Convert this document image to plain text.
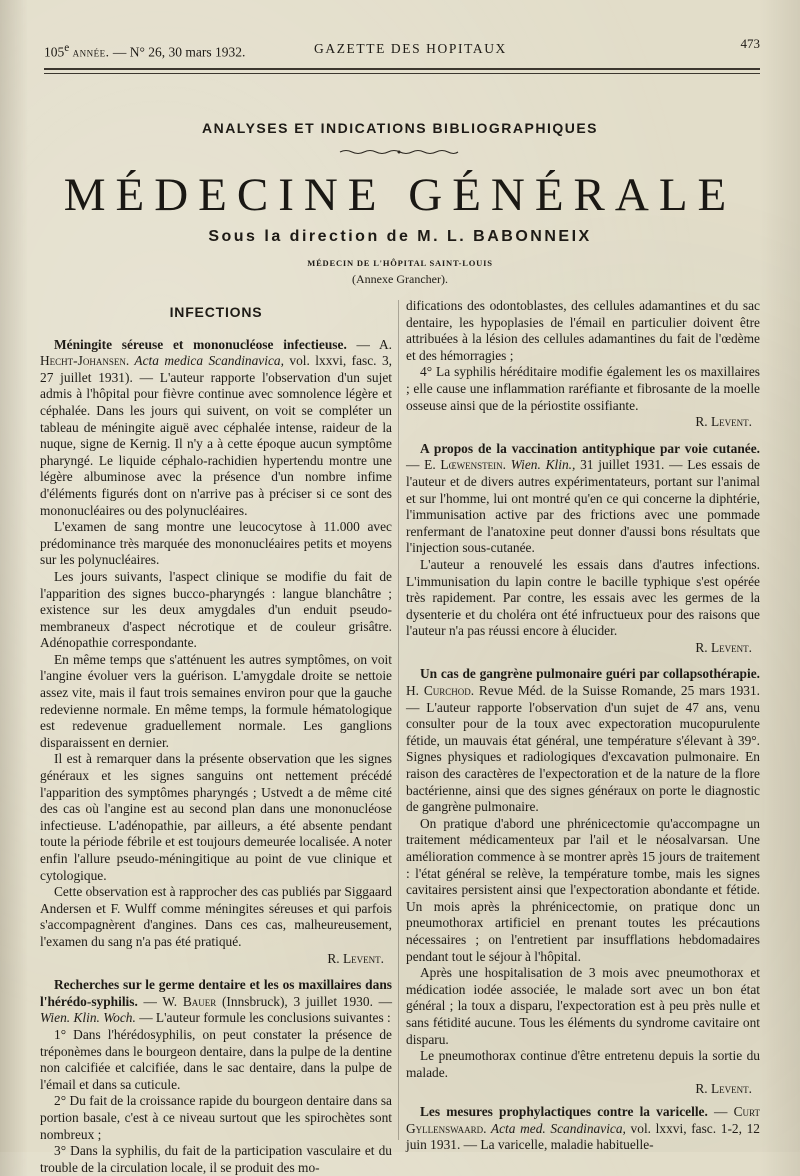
105e année. — N° 26, 30 mars 1932.	GAZETTE DES HOPITAUX	473
ANALYSES ET INDICATIONS BIBLIOGRAPHIQUES
MÉDECINE GÉNÉRALE
Sous la direction de M. L. BABONNEIX
MÉDECIN DE L'HÔPITAL SAINT-LOUIS
(Annexe Grancher).

INFECTIONS

Méningite séreuse et mononucléose infectieuse. — A. Hecht-Johansen. Acta medica Scandinavica, vol. lxxvi, fasc. 3, 27 juillet 1931). — L'auteur rapporte l'observation d'un sujet admis à l'hôpital pour fièvre continue avec somnolence légère et céphalée. Dans les jours qui suivent, on voit se compléter un tableau de méningite aiguë avec céphalée intense, raideur de la nuque, signe de Kernig. Il n'y a à cette époque aucun symptôme pharyngé. Le liquide céphalo-rachidien hypertendu montre une légère albuminose avec la présence d'un nombre infime d'éléments figurés dont on n'arrive pas à préciser si ce sont des mononucléaires ou des polynucléaires.

L'examen de sang montre une leucocytose à 11.000 avec prédominance très marquée des mononucléaires petits et moyens sur les polynucléaires.

Les jours suivants, l'aspect clinique se modifie du fait de l'apparition des signes bucco-pharyngés : langue blanchâtre ; existence sur les deux amygdales d'un enduit pseudo-membraneux d'aspect nécrotique et de couleur grisâtre. Adénopathie correspondante.

En même temps que s'atténuent les autres symptômes, on voit l'angine évoluer vers la guérison. L'amygdale droite se nettoie assez vite, mais il faut trois semaines environ pour que la gauche redevienne normale. En même temps, la formule hématologique est redevenue graduellement normale. Les ganglions disparaissent en dernier.

Il est à remarquer dans la présente observation que les signes généraux et les signes sanguins ont nettement précédé l'apparition des symptômes pharyngés ; Ustvedt a de même cité des cas où l'angine est au second plan dans une mononucléose infectieuse. L'adénopathie, par ailleurs, a été absente pendant toute la période fébrile et est toujours demeurée localisée. A noter enfin l'allure pseudo-méningitique au point de vue clinique et cytologique.

Cette observation est à rapprocher des cas publiés par Siggaard Andersen et F. Wulff comme méningites séreuses et qui parfois s'accompagnèrent d'angines. Dans ces cas, malheureusement, l'examen du sang n'a pas été pratiqué.

R. Levent.

Recherches sur le germe dentaire et les os maxillaires dans l'hérédo-syphilis. — W. Bauer (Innsbruck), 3 juillet 1930. — Wien. Klin. Woch. — L'auteur formule les conclusions suivantes :

1° Dans l'hérédosyphilis, on peut constater la présence de tréponèmes dans le bourgeon dentaire, dans la pulpe de la dentine non calcifiée et calcifiée, dans le sac dentaire, dans la pulpe de l'émail et dans sa cuticule.

2° Du fait de la croissance rapide du bourgeon dentaire dans sa portion basale, c'est à ce niveau surtout que les spirochètes sont nombreux ;

3° Dans la syphilis, du fait de la participation vasculaire et du trouble de la circulation locale, il se produit des mo-

difications des odontoblastes, des cellules adamantines et du sac dentaire, les hypoplasies de l'émail en particulier doivent être attribuées à la lésion des cellules adamantines du fait de l'œdème et des hémorragies ;

4° La syphilis héréditaire modifie également les os maxillaires ; elle cause une inflammation raréfiante et fibrosante de la moelle osseuse ainsi que de la périostite ossifiante.

R. Levent.

A propos de la vaccination antityphique par voie cutanée. — E. Lœwenstein. Wien. Klin., 31 juillet 1931. — Les essais de l'auteur et de divers autres expérimentateurs, portant sur l'animal et sur l'homme, lui ont montré qu'en ce qui concerne la diphtérie, l'immunisation active par des frictions avec une pommade renfermant de l'anatoxine peut donner d'aussi bons résultats que l'injection sous-cutanée.

L'auteur a renouvelé les essais dans d'autres infections. L'immunisation du lapin contre le bacille typhique s'est opérée très rapidement. Par contre, les essais avec les germes de la dysenterie et du choléra ont été infructueux pour des raisons que l'auteur n'a pas réussi encore à élucider.

R. Levent.

Un cas de gangrène pulmonaire guéri par collapsothérapie. H. Curchod. Revue Méd. de la Suisse Romande, 25 mars 1931. — L'auteur rapporte l'observation d'un sujet de 47 ans, venu consulter pour de la toux avec expectoration mucopurulente fétide, un mauvais état général, une température s'élevant à 39°. Signes physiques et radiologiques d'excavation pulmonaire. En raison des caractères de l'expectoration et de la nature de la flore bactérienne, ainsi que des signes généraux on porte le diagnostic de gangrène pulmonaire.

On pratique d'abord une phrénicectomie qu'accompagne un traitement médicamenteux par l'ail et le néosalvarsan. Une amélioration commence à se montrer après 15 jours de traitement : l'état général se relève, la température tombe, mais les signes cavitaires persistent ainsi que l'expectoration abondante et fétide. Un mois après la phrénicectomie, on pratique donc un pneumothorax artificiel en prenant toutes les précautions nécessaires ; on l'entretient par insufflations hebdomadaires pendant tout le séjour à l'hôpital.

Après une hospitalisation de 3 mois avec pneumothorax et médication iodée associée, le malade sort avec un bon état général ; la toux a disparu, l'expectoration est à peu près nulle et sans fétidité aucune. Tous les éléments du syndrome cavitaire ont disparu.

Le pneumothorax continue d'être entretenu depuis la sortie du malade.

R. Levent.

Les mesures prophylactiques contre la varicelle. — Curt Gyllenswaard. Acta med. Scandinavica, vol. lxxvi, fasc. 1-2, 12 juin 1931. — La varicelle, maladie habituelle-
